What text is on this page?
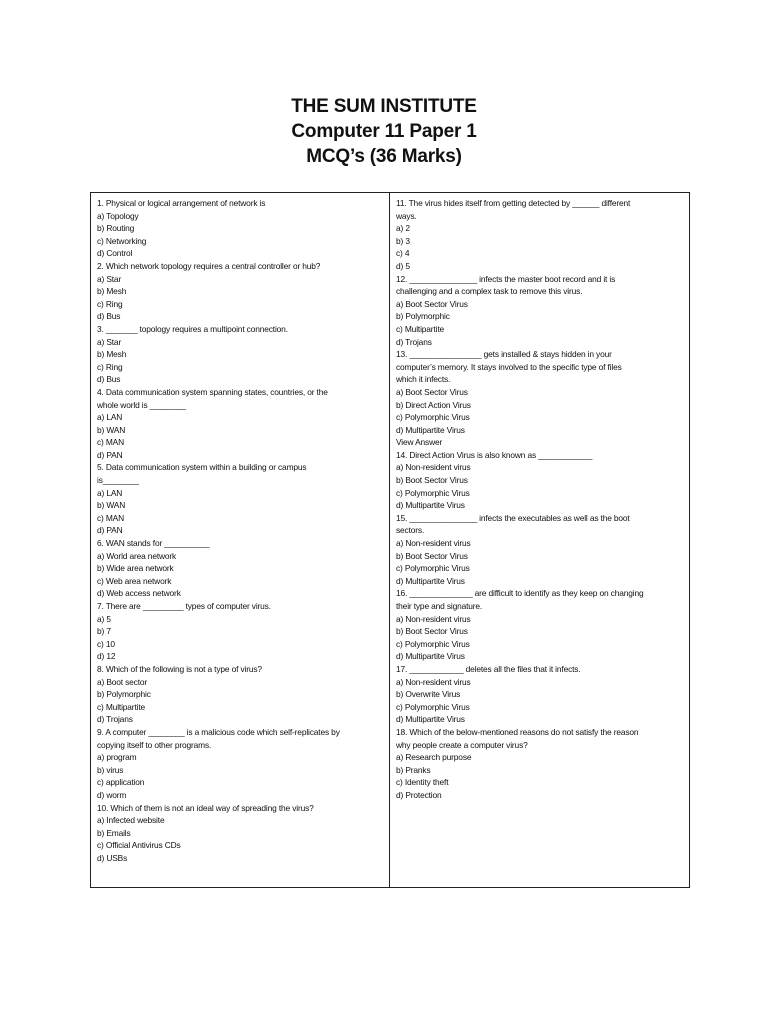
THE SUM INSTITUTE
Computer 11 Paper 1
MCQ’s (36 Marks)
1. Physical or logical arrangement of network is
a) Topology
b) Routing
c) Networking
d) Control
2. Which network topology requires a central controller or hub?
a) Star
b) Mesh
c) Ring
d) Bus
3. _______ topology requires a multipoint connection.
a) Star
b) Mesh
c) Ring
d) Bus
4. Data communication system spanning states, countries, or the
whole world is ________
a) LAN
b) WAN
c) MAN
d) PAN
5. Data communication system within a building or campus
is________
a) LAN
b) WAN
c) MAN
d) PAN
6. WAN stands for __________
a) World area network
b) Wide area network
c) Web area network
d) Web access network
7. There are _________ types of computer virus.
a) 5
b) 7
c) 10
d) 12
8. Which of the following is not a type of virus?
a) Boot sector
b) Polymorphic
c) Multipartite
d) Trojans
9. A computer ________ is a malicious code which self-replicates by
copying itself to other programs.
a) program
b) virus
c) application
d) worm
10. Which of them is not an ideal way of spreading the virus?
a) Infected website
b) Emails
c) Official Antivirus CDs
d) USBs
11. The virus hides itself from getting detected by ______ different
ways.
a) 2
b) 3
c) 4
d) 5
12. _______________ infects the master boot record and it is
challenging and a complex task to remove this virus.
a) Boot Sector Virus
b) Polymorphic
c) Multipartite
d) Trojans
13. ________________ gets installed & stays hidden in your
computer’s memory. It stays involved to the specific type of files
which it infects.
a) Boot Sector Virus
b) Direct Action Virus
c) Polymorphic Virus
d) Multipartite Virus
View Answer
14. Direct Action Virus is also known as ____________
a) Non-resident virus
b) Boot Sector Virus
c) Polymorphic Virus
d) Multipartite Virus
15. _______________ infects the executables as well as the boot
sectors.
a) Non-resident virus
b) Boot Sector Virus
c) Polymorphic Virus
d) Multipartite Virus
16. ______________ are difficult to identify as they keep on changing
their type and signature.
a) Non-resident virus
b) Boot Sector Virus
c) Polymorphic Virus
d) Multipartite Virus
17. ____________ deletes all the files that it infects.
a) Non-resident virus
b) Overwrite Virus
c) Polymorphic Virus
d) Multipartite Virus
18. Which of the below-mentioned reasons do not satisfy the reason
why people create a computer virus?
a) Research purpose
b) Pranks
c) Identity theft
d) Protection
